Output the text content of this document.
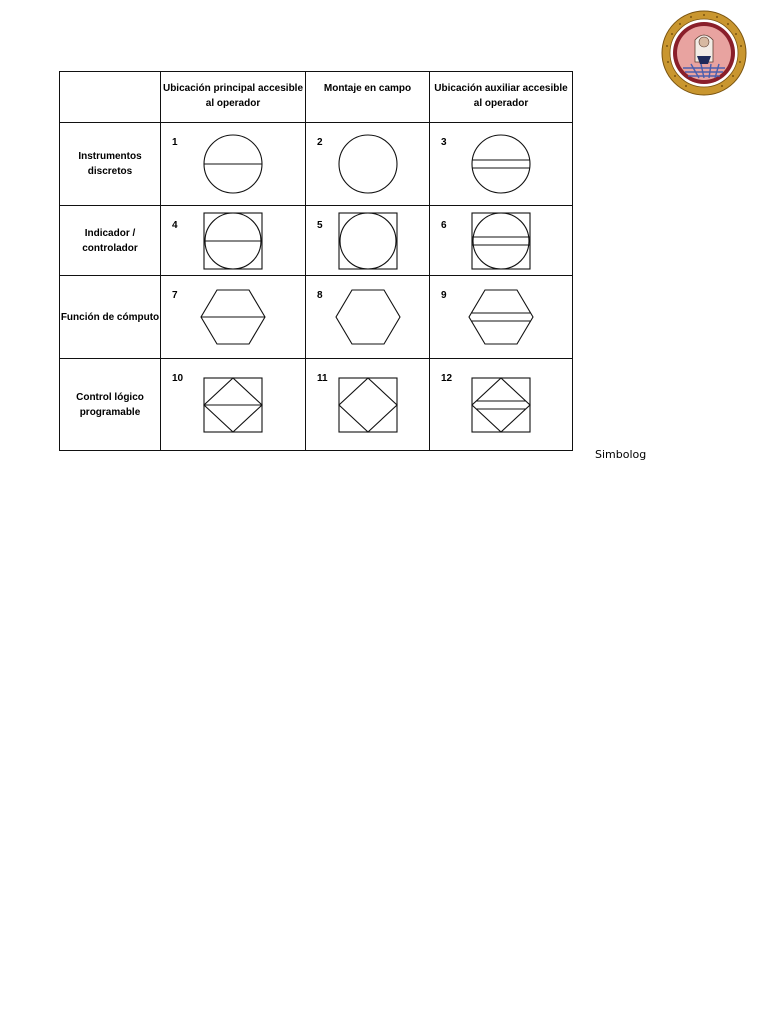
	Ubicación principal accesible al operador	Montaje en campo	Ubicación auxiliar accesible al operador
Instrumentos discretos	1	2	3

Indicador / controlador	4	5	6

Función de cómputo	7	8	9

Control lógico programable	10	11	12
Simbolog
